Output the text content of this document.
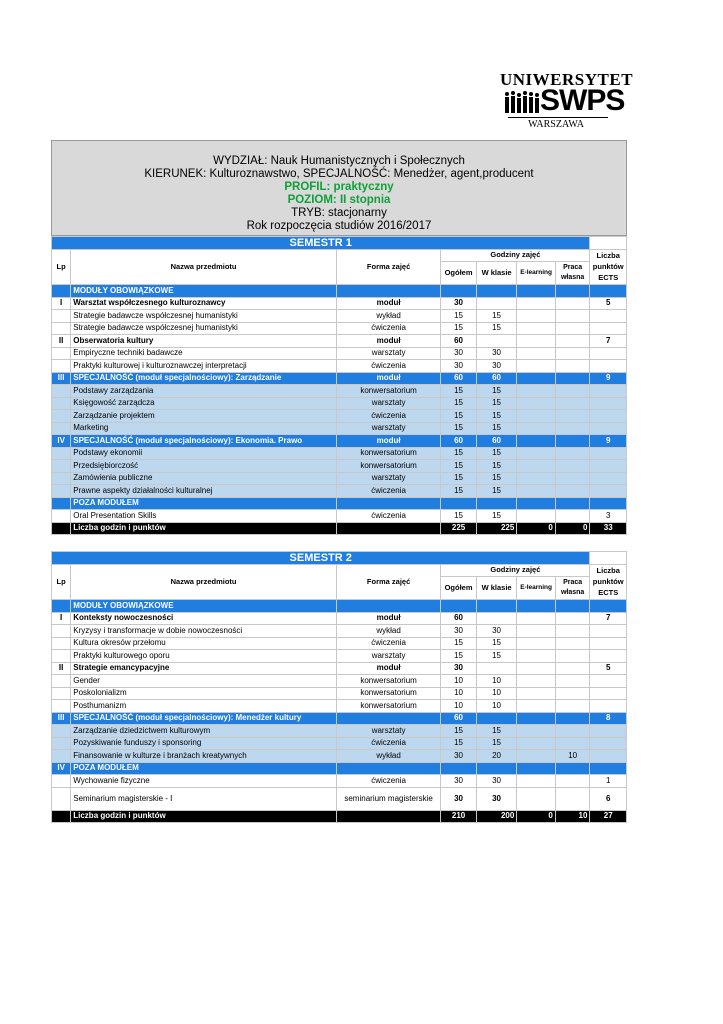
UNIWERSYTET
SWPS
WARSZAWA
WYDZIAŁ: Nauk Humanistycznych i Społecznych
KIERUNEK: Kulturoznawstwo, SPECJALNOŚĆ: Menedżer, agent,producent
PROFIL: praktyczny
POZIOM: II stopnia
TRYB: stacjonarny
Rok rozpoczęcia studiów 2016/2017
SEMESTR 1							
Lp	Nazwa przedmiotu	Forma zajęć	Godziny zajęć				Liczba punktów ECTS
			Ogółem	W klasie	E-learning	Praca własna	
	MODUŁY OBOWIĄZKOWE						
I	Warsztat współczesnego kulturoznawcy	moduł	30				5
	Strategie badawcze współczesnej humanistyki	wykład	15	15			
	Strategie badawcze współczesnej humanistyki	ćwiczenia	15	15			
II	Obserwatoria kultury	moduł	60				7
	Empiryczne techniki badawcze	warsztaty	30	30			
	Praktyki kulturowej i kulturoznawczej interpretacji	ćwiczenia	30	30			
III	SPECJALNOŚĆ (moduł specjalnościowy): Zarządzanie	moduł	60	60			9
	Podstawy zarządzania	konwersatorium	15	15			
	Księgowość zarządcza	warsztaty	15	15			
	Zarządzanie projektem	ćwiczenia	15	15			
	Marketing	warsztaty	15	15			
IV	SPECJALNOŚĆ (moduł specjalnościowy): Ekonomia. Prawo	moduł	60	60			9
	Podstawy ekonomii	konwersatorium	15	15			
	Przedsiębiorczość	konwersatorium	15	15			
	Zamówienia publiczne	warsztaty	15	15			
	Prawne aspekty działalności kulturalnej	ćwiczenia	15	15			
	POZA MODUŁEM						
	Oral Presentation Skills	ćwiczenia	15	15			3
	Liczba godzin i punktów		225	225	0	0	33
SEMESTR 2							
Lp	Nazwa przedmiotu	Forma zajęć	Godziny zajęć				Liczba punktów ECTS
			Ogółem	W klasie	E-learning	Praca własna	
	MODUŁY OBOWIĄZKOWE						
I	Konteksty nowoczesności	moduł	60				7
	Kryzysy i transformacje w dobie nowoczesności	wykład	30	30			
	Kultura okresów przełomu	ćwiczenia	15	15			
	Praktyki kulturowego oporu	warsztaty	15	15			
II	Strategie emancypacyjne	moduł	30				5
	Gender	konwersatorium	10	10			
	Poskolonializm	konwersatorium	10	10			
	Posthumanizm	konwersatorium	10	10			
III	SPECJALNOŚĆ (moduł specjalnościowy): Menedżer kultury		60				8
	Zarządzanie dziedzictwem kulturowym	warsztaty	15	15			
	Pozyskiwanie funduszy i sponsoring	ćwiczenia	15	15			
	Finansowanie w kulturze i branżach kreatywnych	wykład	30	20		10	
IV	POZA MODUŁEM						
	Wychowanie fizyczne	ćwiczenia	30	30			1
	Seminarium magisterskie - I	seminarium magisterskie	30	30			6
	Liczba godzin i punktów		210	200	0	10	27
